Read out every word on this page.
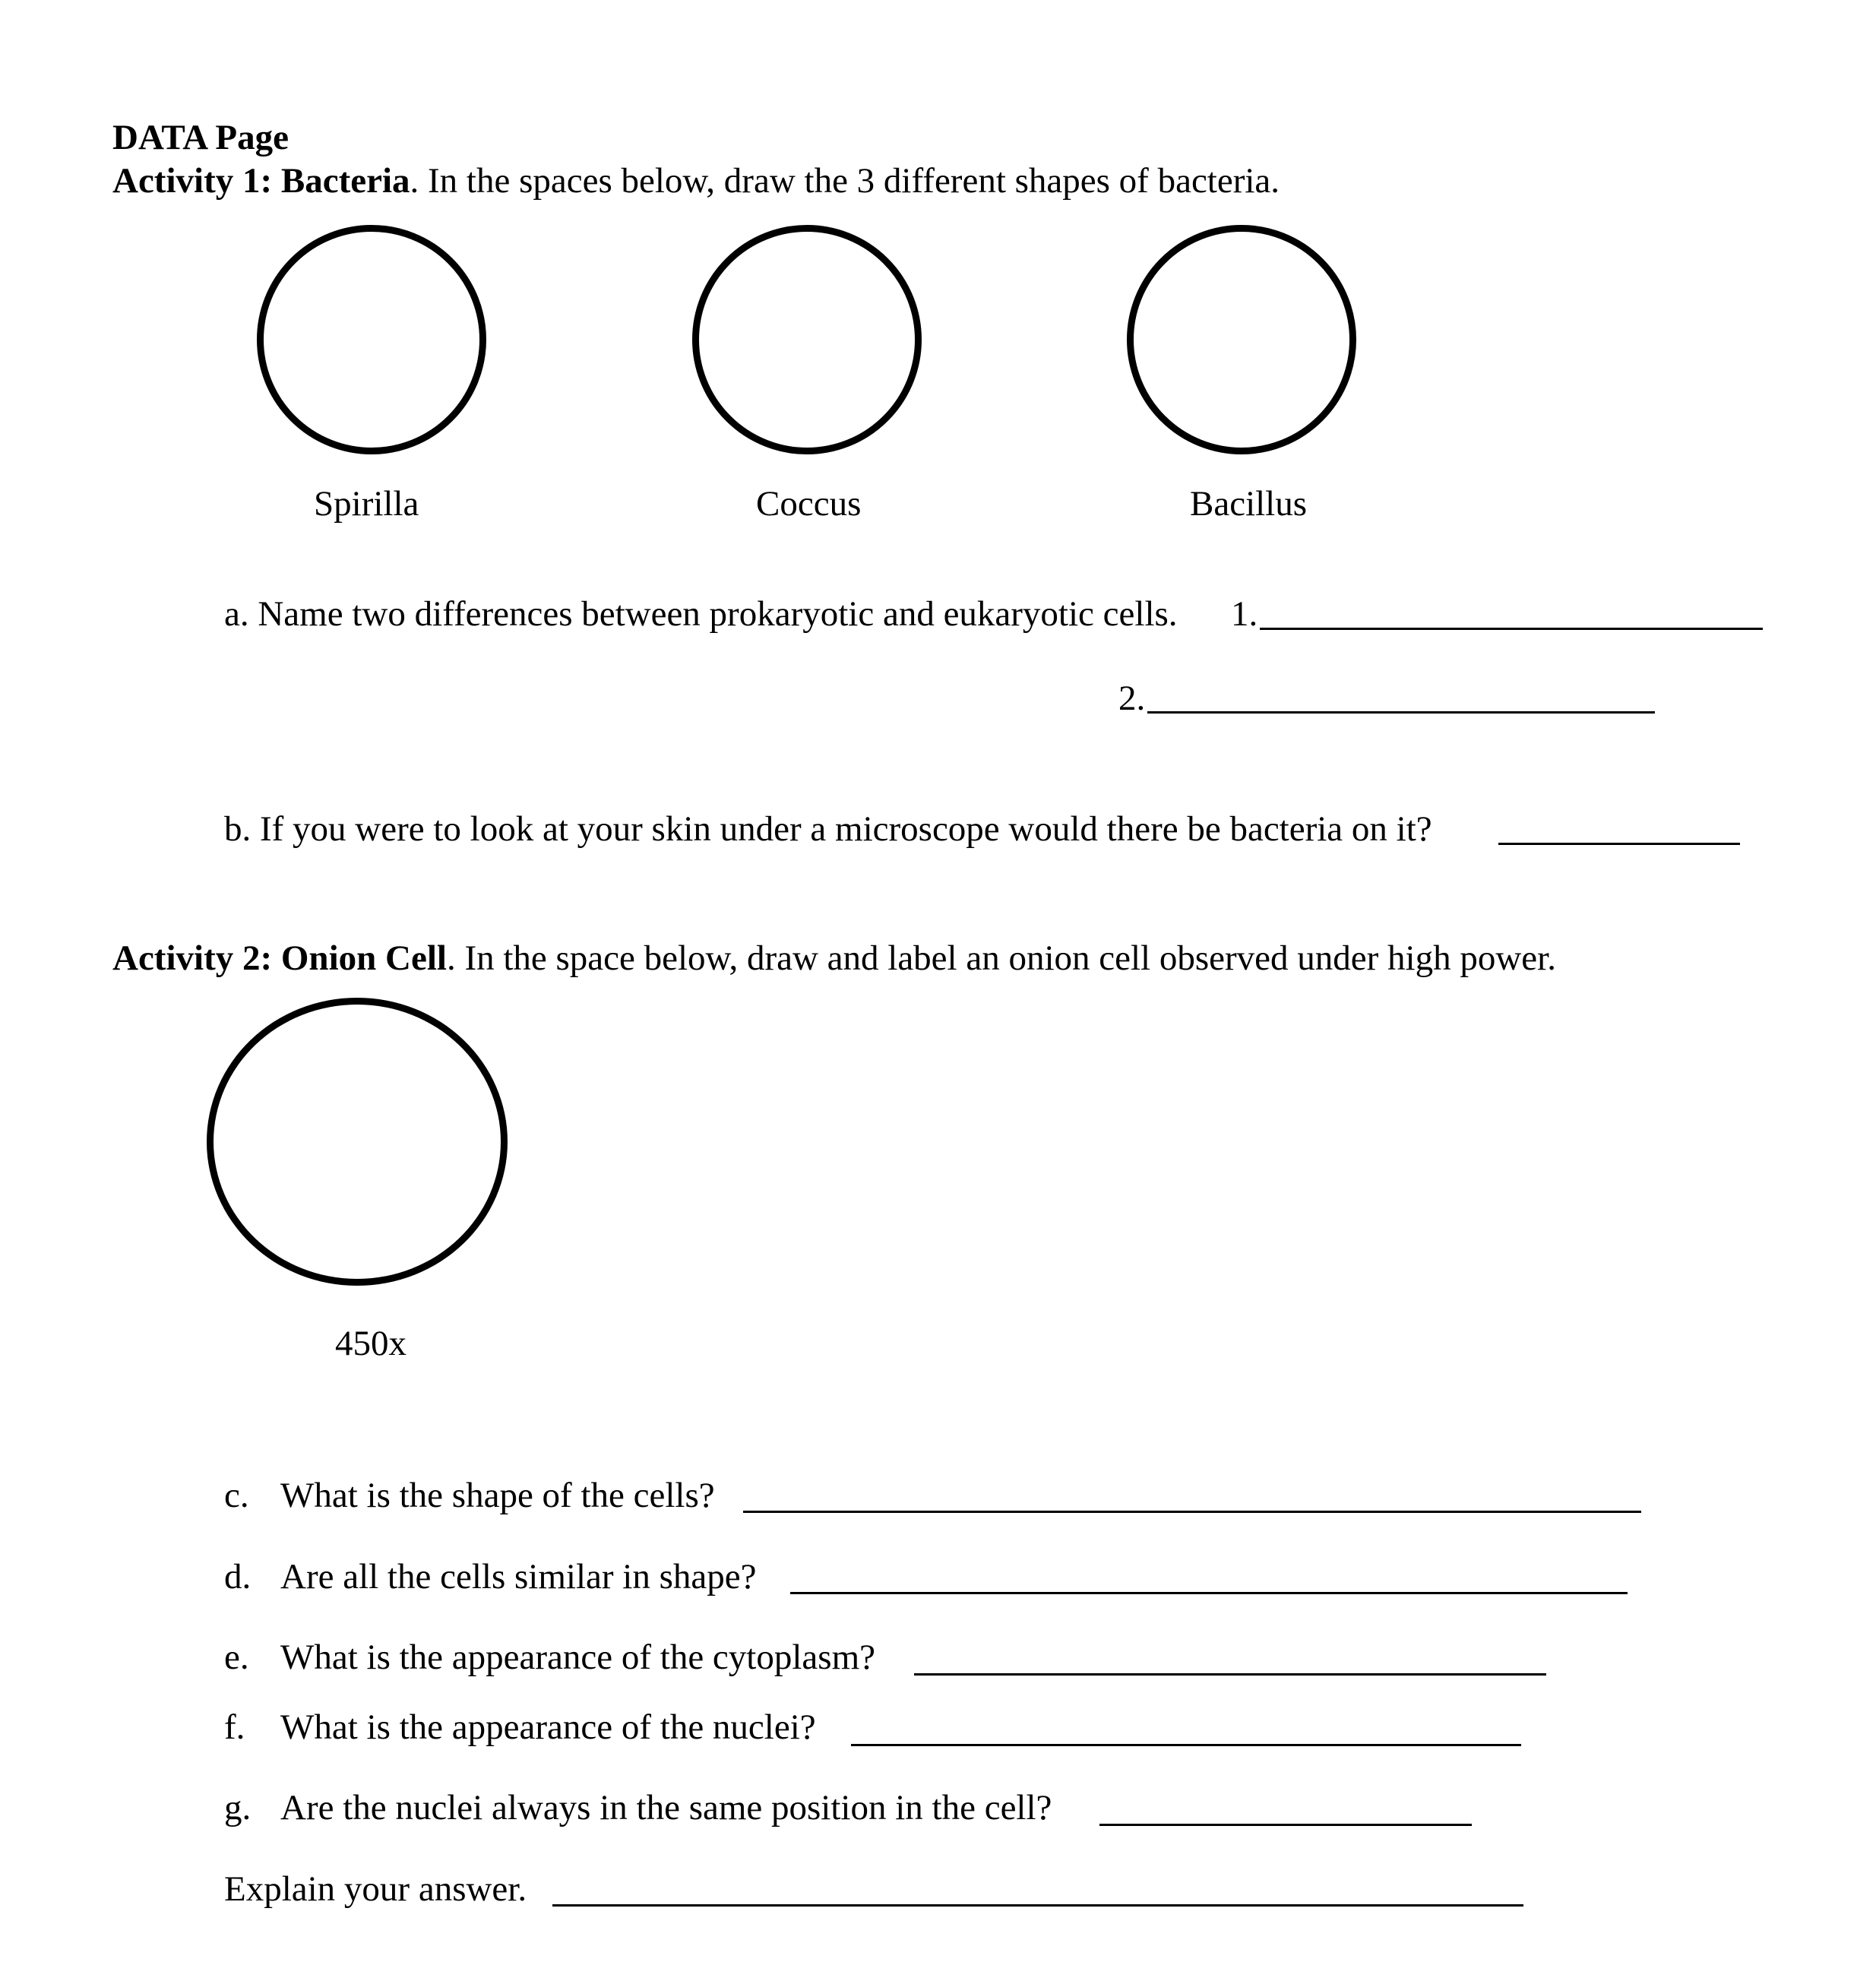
DATA Page
Activity 1: Bacteria. In the spaces below, draw the 3 different shapes of bacteria.
Spirilla	Coccus	Bacillus
a. Name two differences between prokaryotic and eukaryotic cells. 1.
2.
b. If you were to look at your skin under a microscope would there be bacteria on it?
Activity 2: Onion Cell. In the space below, draw and label an onion cell observed under high power.
450x
c. What is the shape of the cells?
d. Are all the cells similar in shape?
e. What is the appearance of the cytoplasm?
f. What is the appearance of the nuclei?
g. Are the nuclei always in the same position in the cell?
Explain your answer.
